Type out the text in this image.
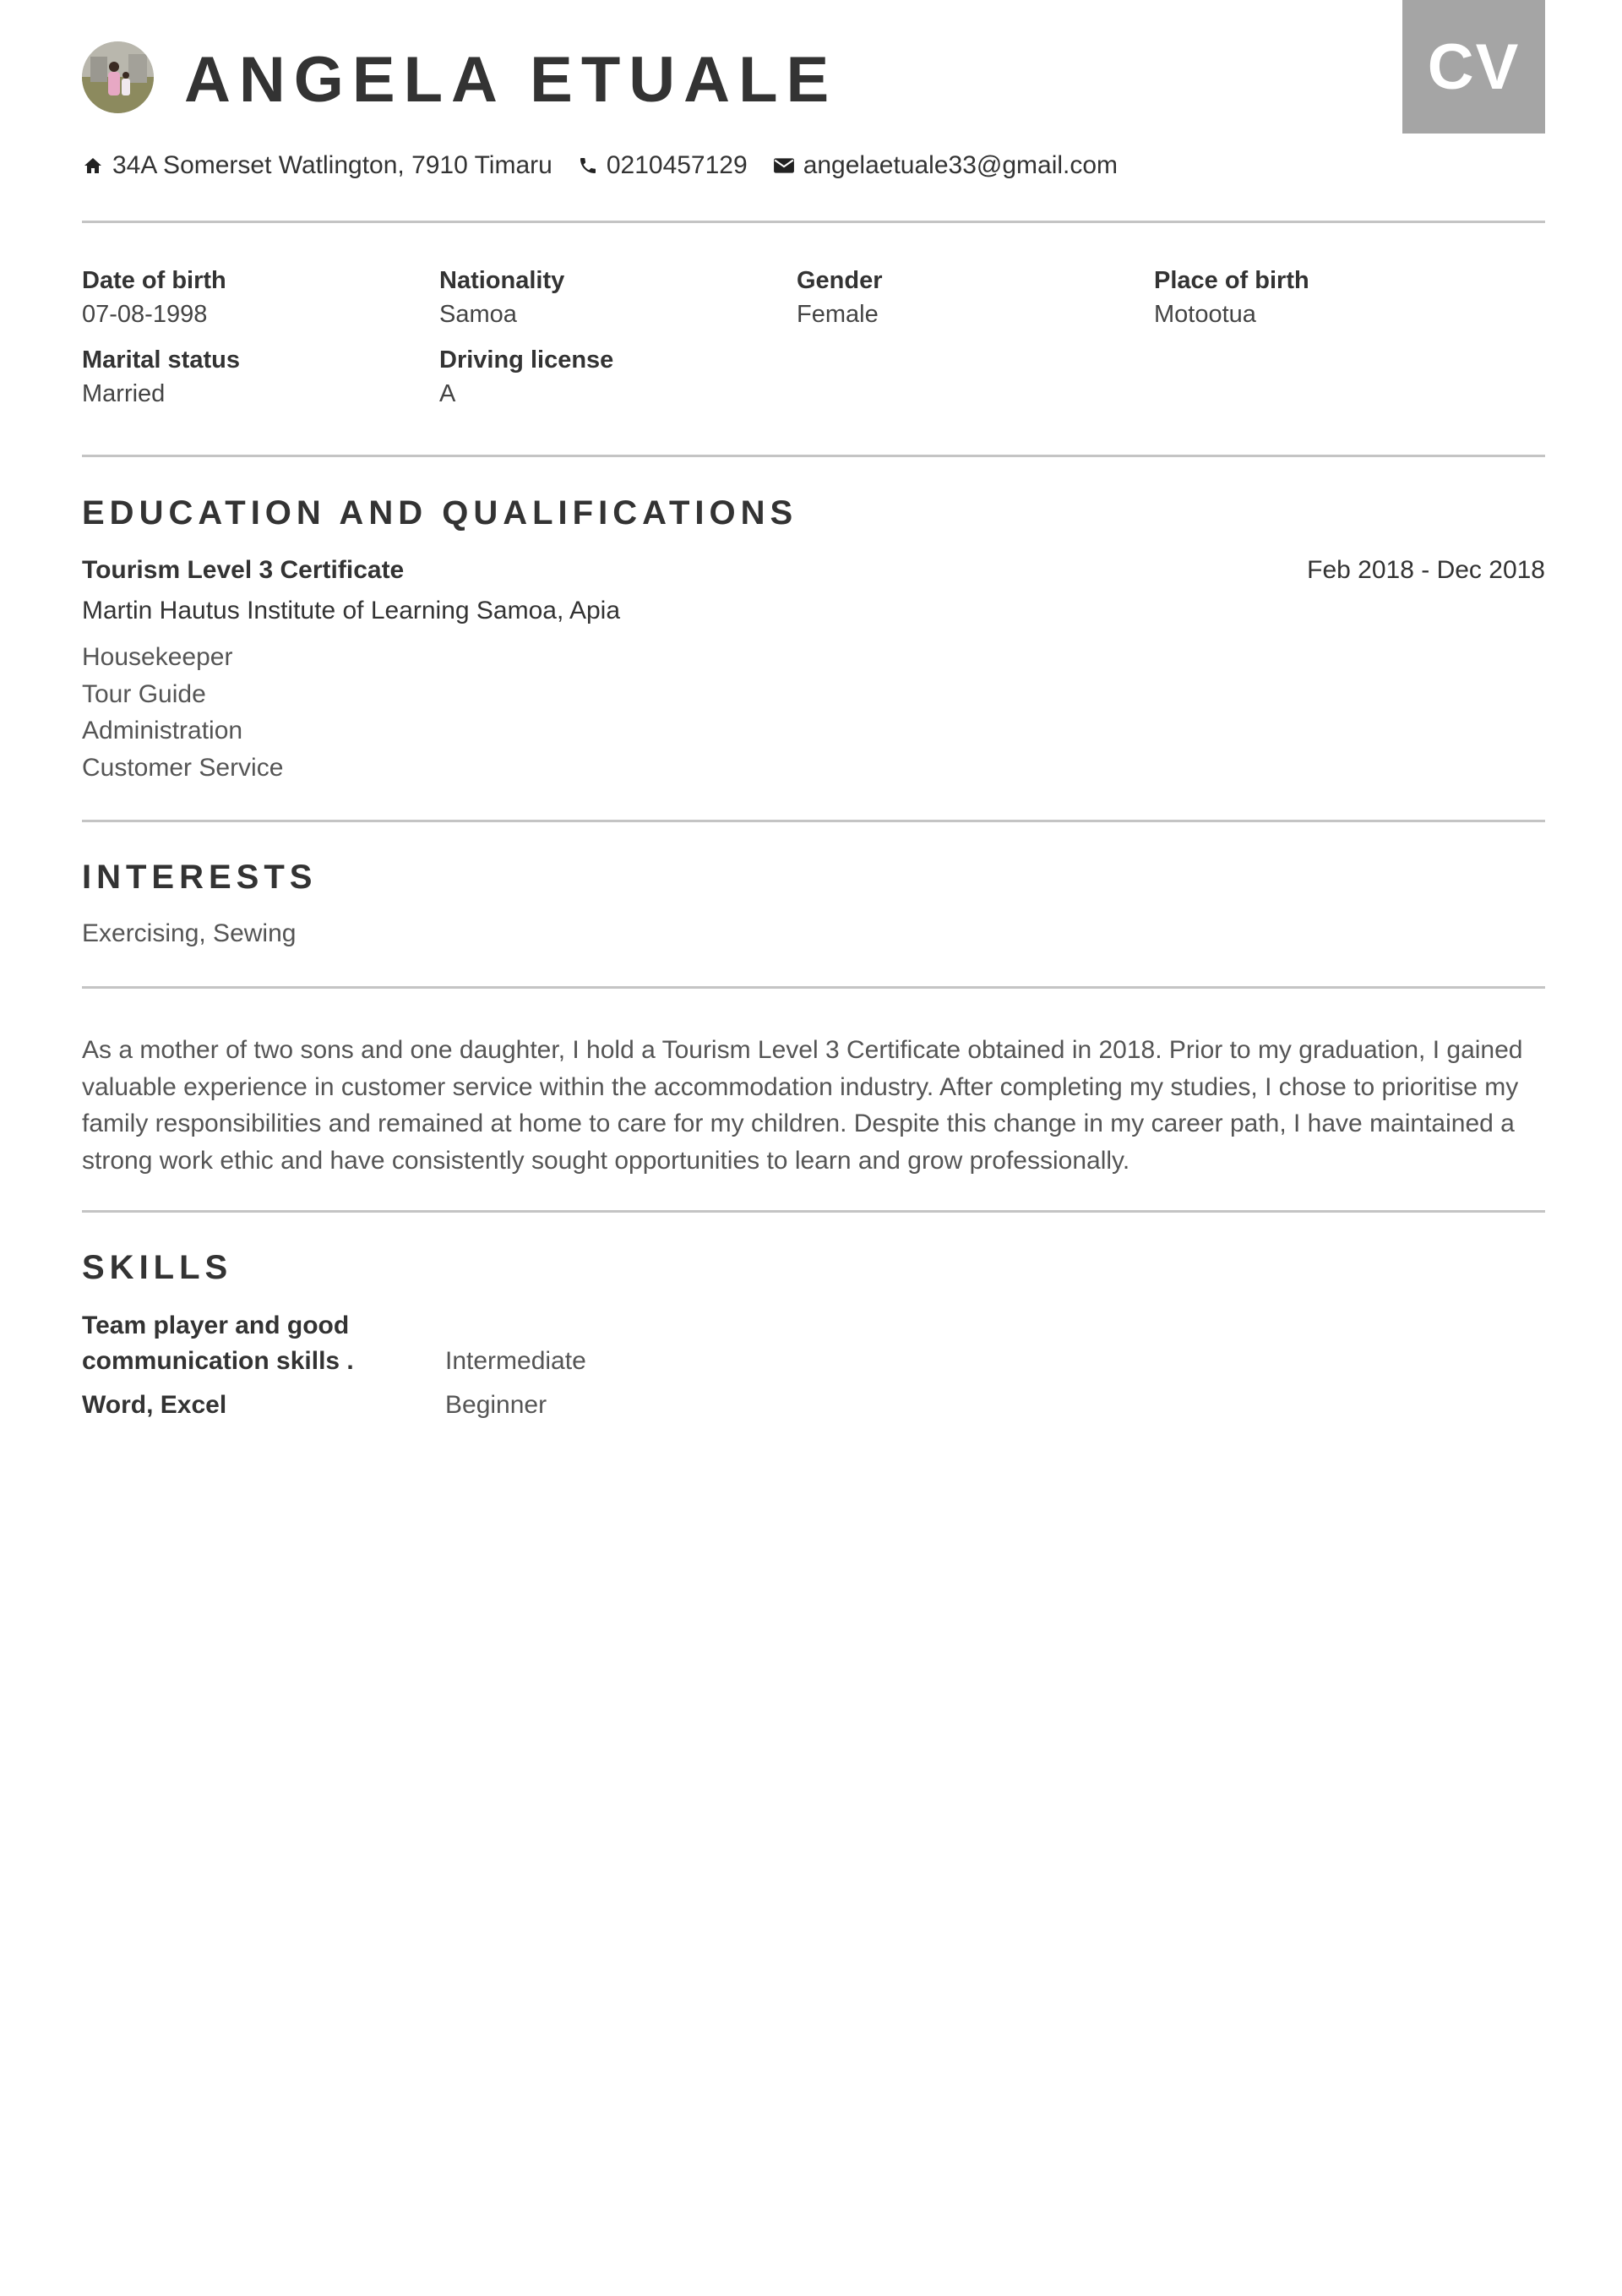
ANGELA ETUALE	CV
34A Somerset Watlington, 7910 Timaru 0210457129 angelaetuale33@gmail.com
Date of birth
07-08-1998
Nationality
Samoa
Gender
Female
Place of birth
Motootua
Marital status
Married
Driving license
A
EDUCATION AND QUALIFICATIONS
Tourism Level 3 Certificate	Feb 2018 - Dec 2018
Martin Hautus Institute of Learning Samoa, Apia
Housekeeper
Tour Guide
Administration
Customer Service
INTERESTS
Exercising, Sewing
As a mother of two sons and one daughter, I hold a Tourism Level 3 Certificate obtained in 2018. Prior to my graduation, I gained
valuable experience in customer service within the accommodation industry. After completing my studies, I chose to prioritise my
family responsibilities and remained at home to care for my children. Despite this change in my career path, I have maintained a
strong work ethic and have consistently sought opportunities to learn and grow professionally.
SKILLS
Team player and good
communication skills .	Intermediate
Word, Excel	Beginner
